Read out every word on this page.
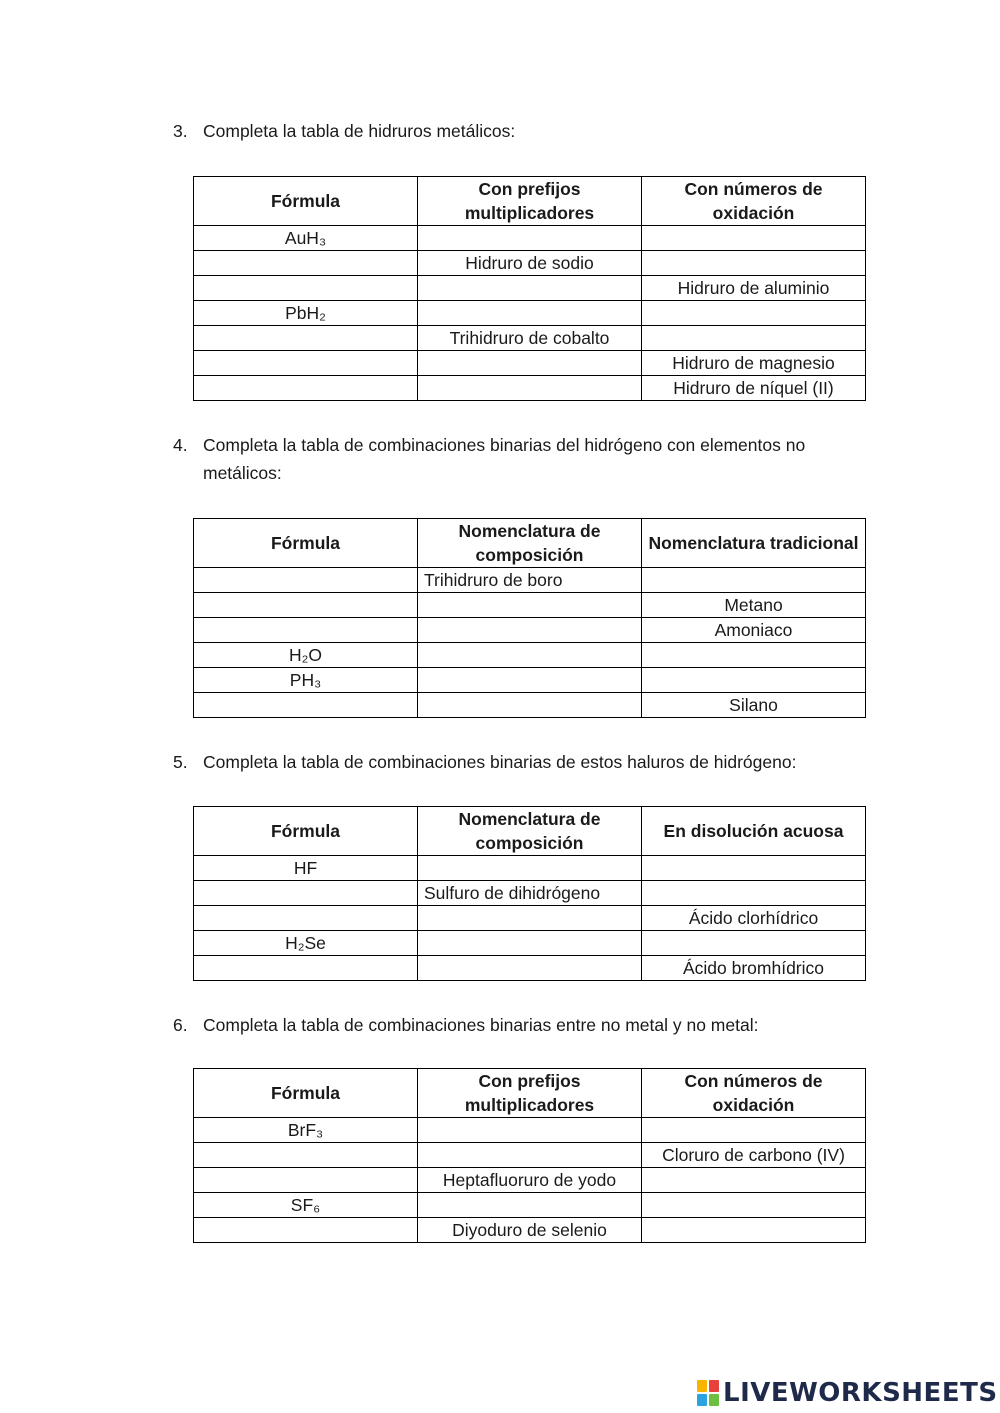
3. Completa la tabla de hidruros metálicos:
Fórmula	Con prefijos multiplicadores	Con números de oxidación
AuH₃		
	Hidruro de sodio	
		Hidruro de aluminio
PbH₂		
	Trihidruro de cobalto	
		Hidruro de magnesio
		Hidruro de níquel (II)
4. Completa la tabla de combinaciones binarias del hidrógeno con elementos no metálicos:
Fórmula	Nomenclatura de composición	Nomenclatura tradicional
	Trihidruro de boro	
		Metano
		Amoniaco
H₂O		
PH₃		
		Silano
5. Completa la tabla de combinaciones binarias de estos haluros de hidrógeno:
Fórmula	Nomenclatura de composición	En disolución acuosa
HF		
	Sulfuro de dihidrógeno	
		Ácido clorhídrico
H₂Se		
		Ácido bromhídrico
6. Completa la tabla de combinaciones binarias entre no metal y no metal:
Fórmula	Con prefijos multiplicadores	Con números de oxidación
BrF₃		
		Cloruro de carbono (IV)
	Heptafluoruro de yodo	
SF₆		
	Diyoduro de selenio	
LIVEWORKSHEETS
